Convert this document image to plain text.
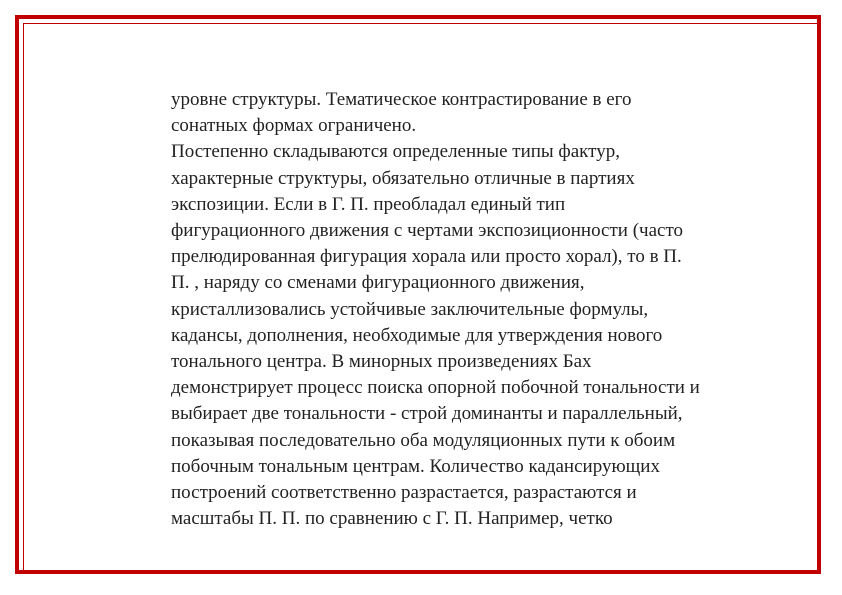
уровне структуры. Тематическое контрастирование в его
сонатных формах ограничено.
Постепенно складываются определенные типы фактур,
характерные структуры, обязательно отличные в партиях
экспозиции. Если в Г. П. преобладал единый тип
фигурационного движения с чертами экспозиционности (часто
прелюдированная фигурация хорала или просто хорал), то в П.
П. , наряду со сменами фигурационного движения,
кристаллизовались устойчивые заключительные формулы,
кадансы, дополнения, необходимые для утверждения нового
тонального центра. В минорных произведениях Бах
демонстрирует процесс поиска опорной побочной тональности и
выбирает две тональности - строй доминанты и параллельный,
показывая последовательно оба модуляционных пути к обоим
побочным тональным центрам. Количество кадансирующих
построений соответственно разрастается, разрастаются и
масштабы П. П. по сравнению с Г. П. Например, четко
